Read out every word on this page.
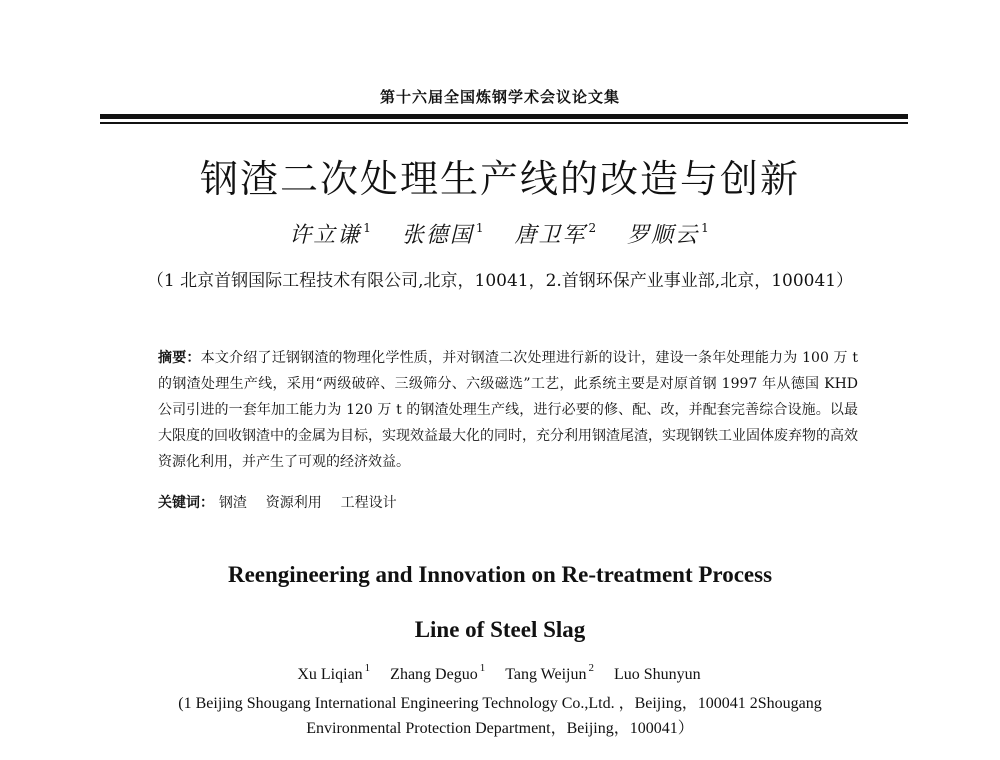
第十六届全国炼钢学术会议论文集
钢渣二次处理生产线的改造与创新
许立谦 $^1$ 张德国 $^1$ 唐卫军 $^2$ 罗顺云 $^1$
（1 北京首钢国际工程技术有限公司,北京，10041，2.首钢环保产业事业部,北京，100041）
摘要：本文介绍了迁钢钢渣的物理化学性质，并对钢渣二次处理进行新的设计，建设一条年处理能力为 100 万 t 的钢渣处理生产线，采用“两级破碎、三级筛分、六级磁选”工艺，此系统主要是对原首钢 1997 年从德国 KHD 公司引进的一套年加工能力为 120 万 t 的钢渣处理生产线，进行必要的修、配、改，并配套完善综合设施。以最大限度的回收钢渣中的金属为目标，实现效益最大化的同时，充分利用钢渣尾渣，实现钢铁工业固体废弃物的高效资源化利用，并产生了可观的经济效益。
关键词： 钢渣 资源利用 工程设计
Reengineering and Innovation on Re-treatment Process
Line of Steel Slag
Xu Liqian $^1$ Zhang Deguo $^1$ Tang Weijun $^2$ Luo Shunyun
(1 Beijing Shougang International Engineering Technology Co.,Ltd. ，Beijing，100041 2Shougang
Environmental Protection Department，Beijing，100041）
